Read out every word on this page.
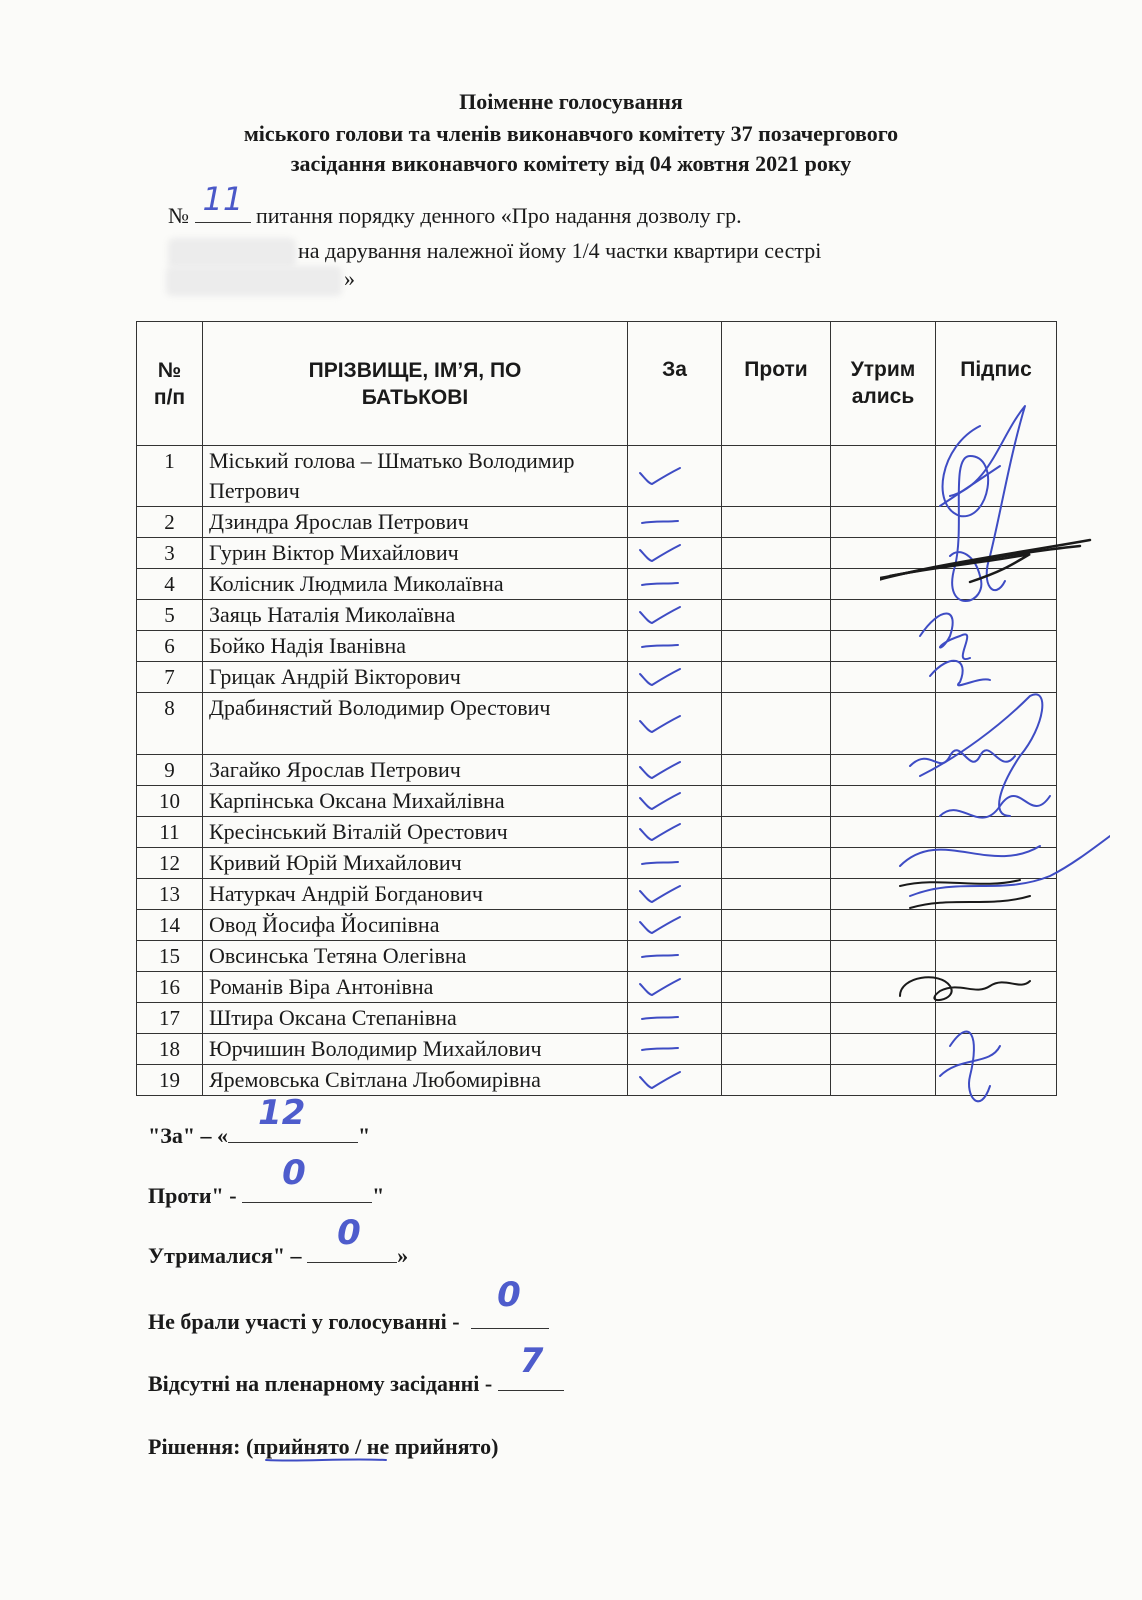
Поіменне голосування
міського голови та членів виконавчого комітету 37 позачергового
засідання виконавчого комітету від 04 жовтня 2021 року
№ 11 питання порядку денного «Про надання дозволу гр.
на дарування належної йому 1/4 частки квартири сестрі
»
№ п/п	ПРІЗВИЩЕ, ІМ’Я, ПО БАТЬКОВІ	За	Проти	Утрим ались	Підпис
1	Міський голова – Шматько Володимир Петрович	

2	Дзиндра Ярослав Петрович	

3	Гурин Віктор Михайлович	

4	Колісник Людмила Миколаївна	

5	Заяць Наталія Миколаївна	

6	Бойко Надія Іванівна	

7	Грицак Андрій Вікторович	

8	Драбинястий Володимир Орестович	

9	Загайко Ярослав Петрович	

10	Карпінська Оксана Михайлівна	

11	Кресінський Віталій Орестович	

12	Кривий Юрій Михайлович	

13	Натуркач Андрій Богданович	

14	Овод Йосифа Йосипівна	

15	Овсинська Тетяна Олегівна	

16	Романів Віра Антонівна	

17	Штира Оксана Степанівна	

18	Юрчишин Володимир Михайлович	

19	Яремовська Світлана Любомирівна	

"За" – «
12
"
Проти" -
0
"
Утрималися" –
0
»
Не брали участі у голосуванні -
0
Відсутні на пленарному засіданні -
7
Рішення: (прийнято / не прийнято)
